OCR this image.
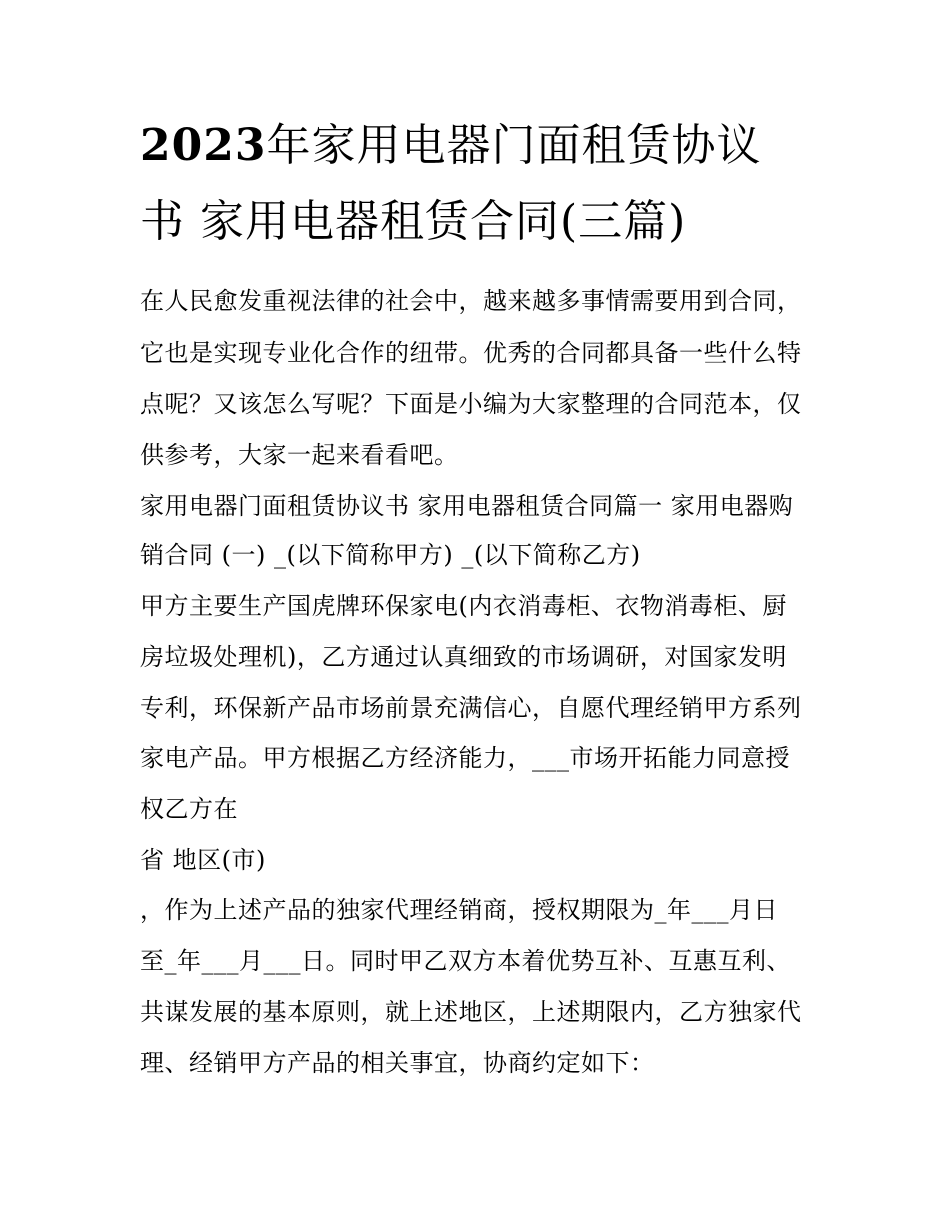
2023年家用电器门面租赁协议
书 家用电器租赁合同(三篇)
在人民愈发重视法律的社会中，越来越多事情需要用到合同，
它也是实现专业化合作的纽带。优秀的合同都具备一些什么特
点呢？又该怎么写呢？下面是小编为大家整理的合同范本，仅
供参考，大家一起来看看吧。
家用电器门面租赁协议书 家用电器租赁合同篇一 家用电器购
销合同 (一) _(以下简称甲方) _(以下简称乙方)
甲方主要生产国虎牌环保家电(内衣消毒柜、衣物消毒柜、厨
房垃圾处理机)，乙方通过认真细致的市场调研，对国家发明
专利，环保新产品市场前景充满信心，自愿代理经销甲方系列
家电产品。甲方根据乙方经济能力，___市场开拓能力同意授
权乙方在
省 地区(市)
，作为上述产品的独家代理经销商，授权期限为_年___月日
至_年___月___日。同时甲乙双方本着优势互补、互惠互利、
共谋发展的基本原则，就上述地区，上述期限内，乙方独家代
理、经销甲方产品的相关事宜，协商约定如下：
